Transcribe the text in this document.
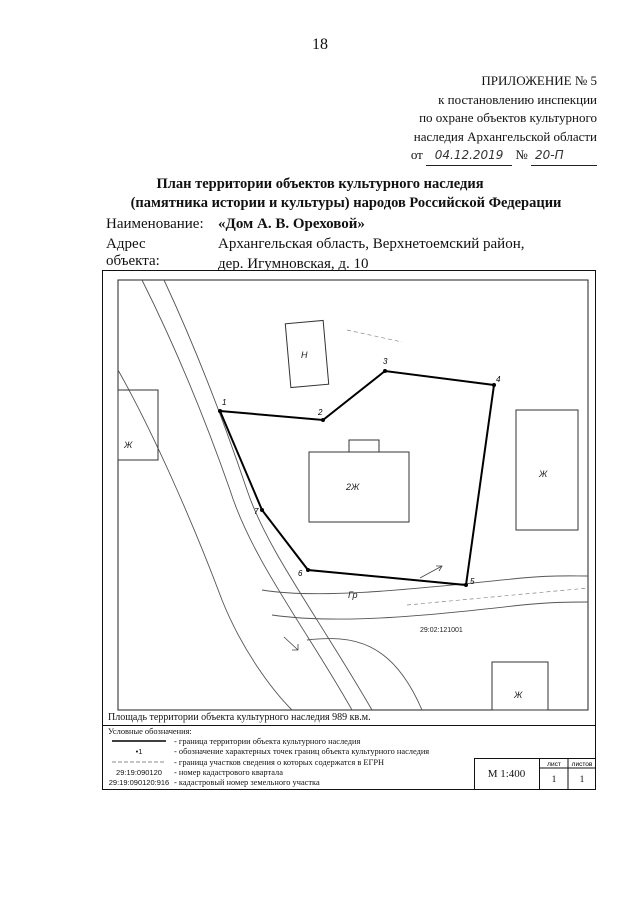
18
ПРИЛОЖЕНИЕ № 5
к постановлению инспекции
по охране объектов культурного
наследия Архангельской области
от 04.12.2019 № 20-П
План территории объектов культурного наследия
(памятника истории и культуры) народов Российской Федерации
Наименование: «Дом А. В. Ореховой»
Адрес объекта:
Архангельская область, Верхнетоемский район,
дер. Игумновская, д. 10
Н
2Ж
Ж
Ж
Ж
Гр
29:02:121001
1
2
3
4
5
6
7
Площадь территории объекта культурного наследия 989 кв.м.
Условные обозначения:
- граница территории объекта культурного наследия
•1	- обозначение характерных точек границ объекта культурного наследия
- граница участков сведения о которых содержатся в ЕГРН
29:19:090120	- номер кадастрового квартала
29:19:090120:916 - кадастровый номер земельного участка
М 1:400
лист листов
1	1
